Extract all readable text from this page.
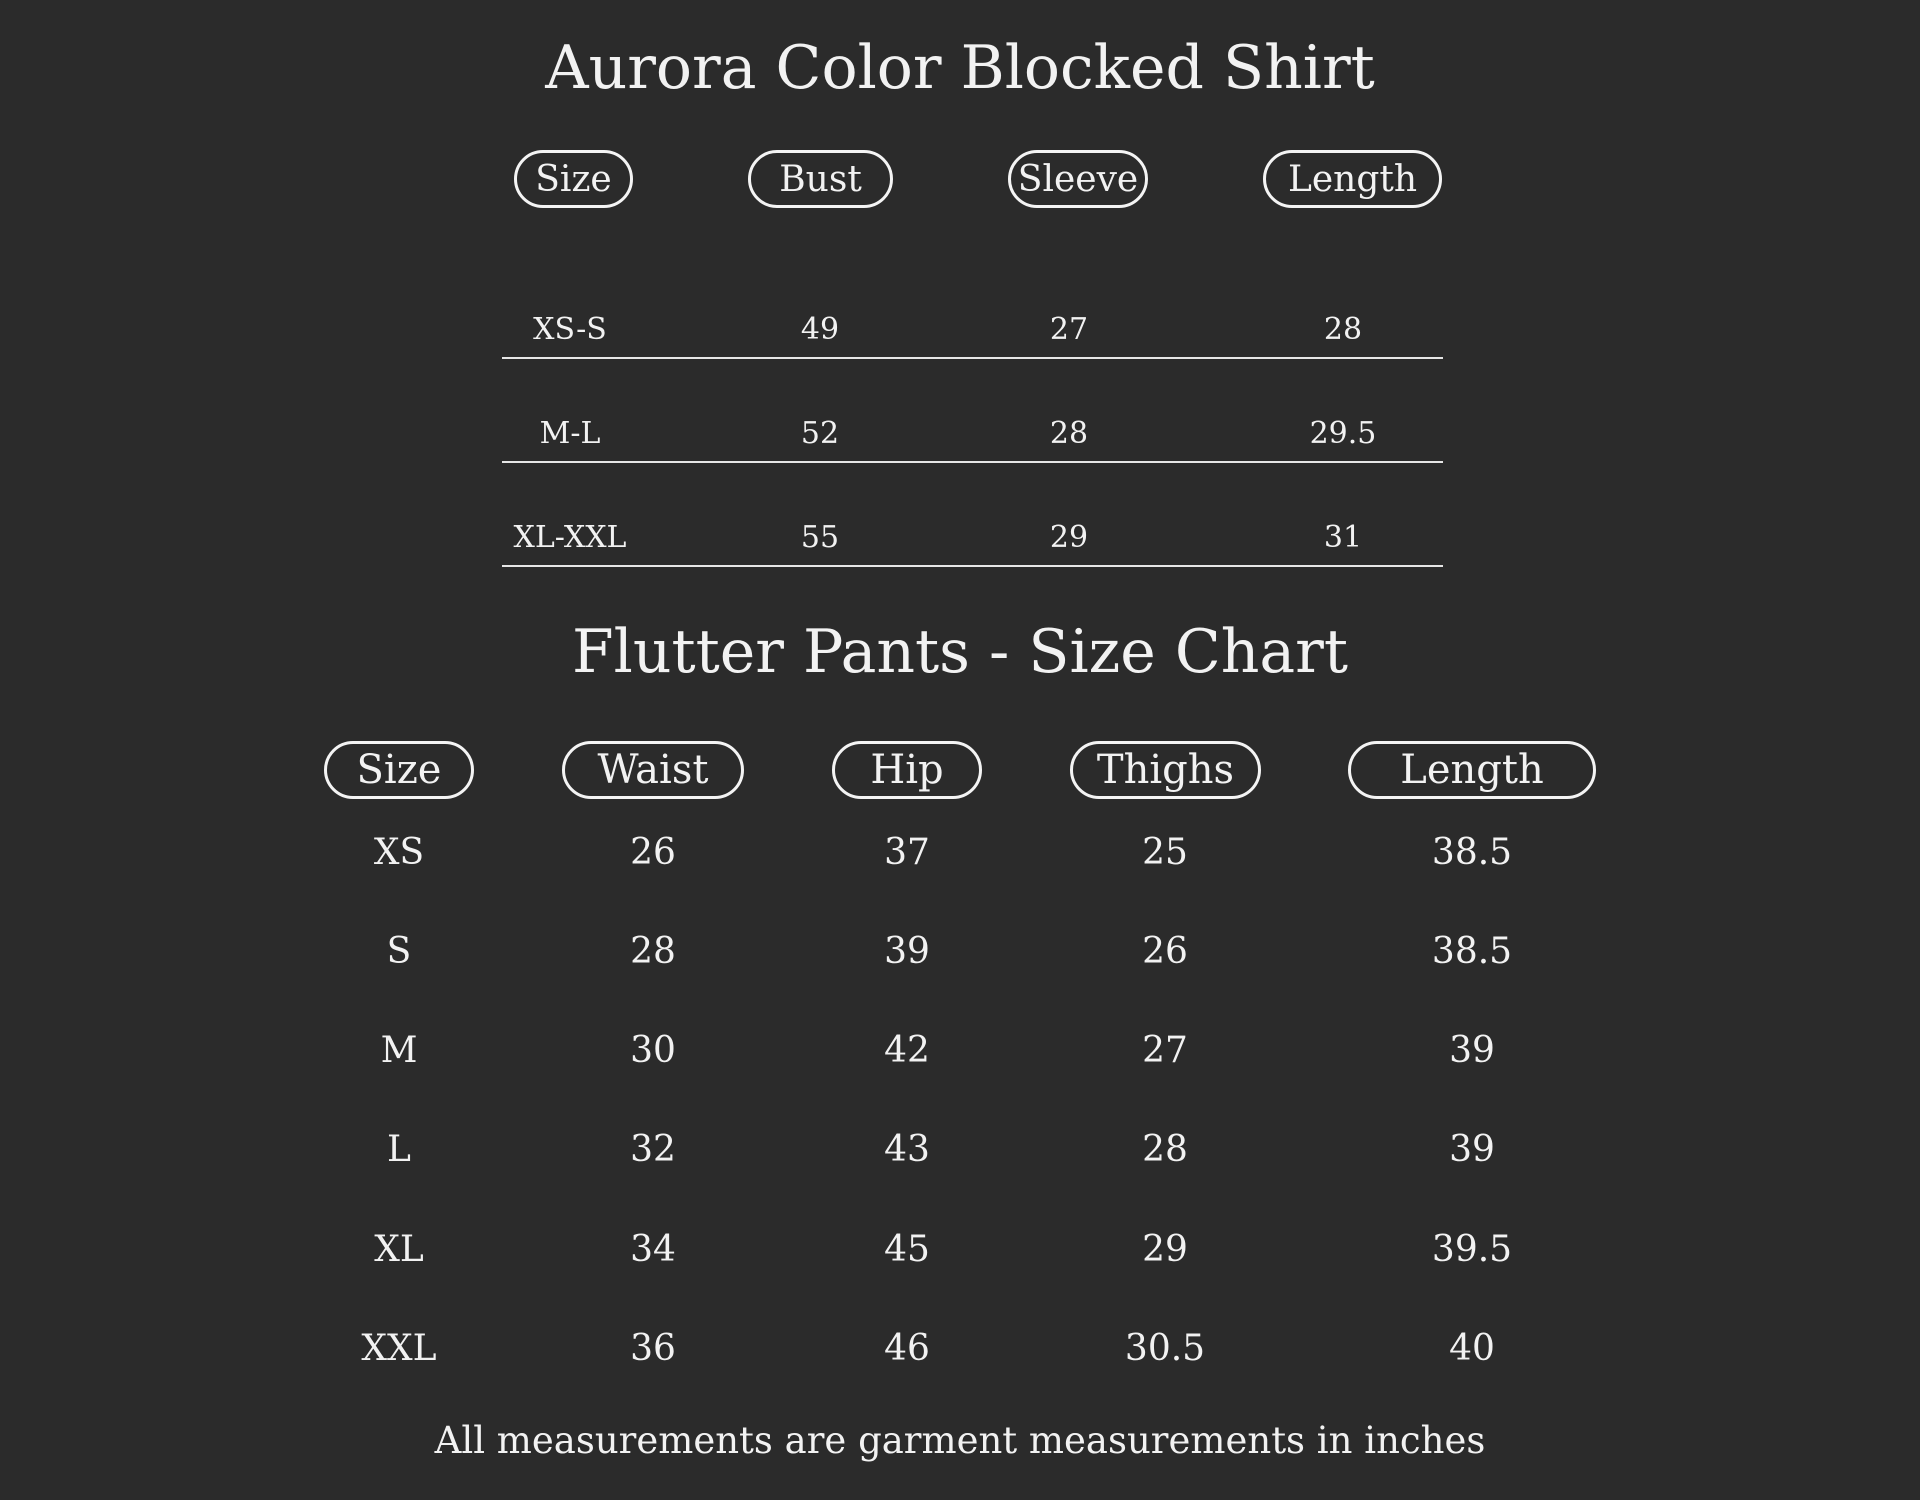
Aurora Color Blocked Shirt
Size	Bust	Sleeve	Length
XS-S	49	27	28
M-L	52	28	29.5
XL-XXL	55	29	31
Flutter Pants - Size Chart
Size	Waist	Hip	Thighs	Length
XS	26	37	25	38.5
S	28	39	26	38.5
M	30	42	27	39
L	32	43	28	39
XL	34	45	29	39.5
XXL	36	46	30.5	40
All measurements are garment measurements in inches
